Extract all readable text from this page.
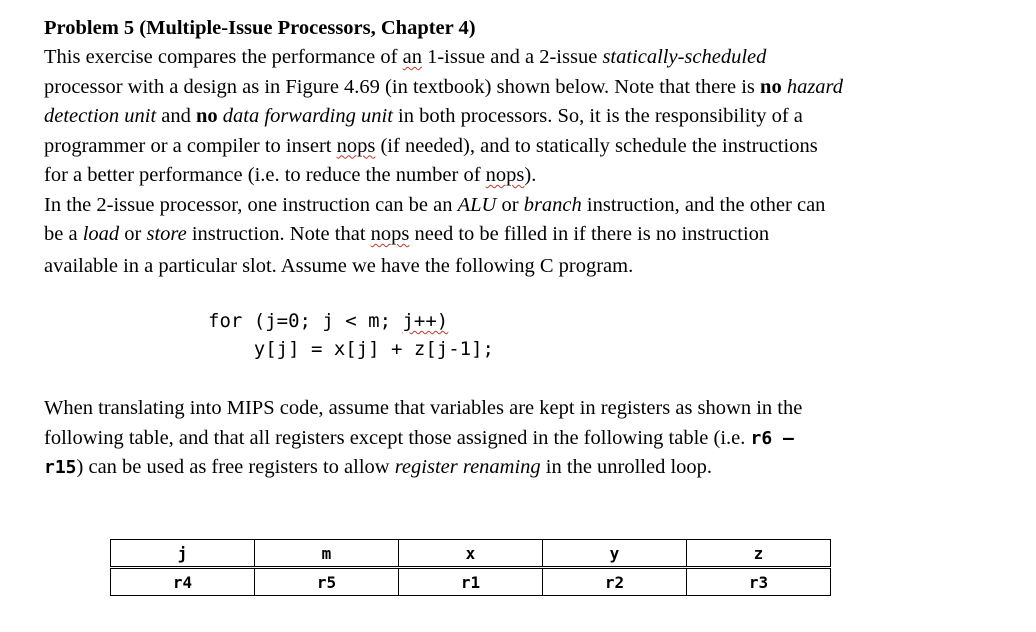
Problem 5 (Multiple-Issue Processors, Chapter 4)

This exercise compares the performance of an 1-issue and a 2-issue statically-scheduled

processor with a design as in Figure 4.69 (in textbook) shown below. Note that there is no hazard

detection unit and no data forwarding unit in both processors. So, it is the responsibility of a

programmer or a compiler to insert nops (if needed), and to statically schedule the instructions

for a better performance (i.e. to reduce the number of nops).

In the 2-issue processor, one instruction can be an ALU or branch instruction, and the other can

be a load or store instruction. Note that nops need to be filled in if there is no instruction

available in a particular slot. Assume we have the following C program.

for (j=0; j < m; j++)
y[j] = x[j] + z[j-1];

When translating into MIPS code, assume that variables are kept in registers as shown in the

following table, and that all registers except those assigned in the following table (i.e. r6 –

r15) can be used as free registers to allow register renaming in the unrolled loop.

j	m	x	y	z
r4	r5	r1	r2	r3
